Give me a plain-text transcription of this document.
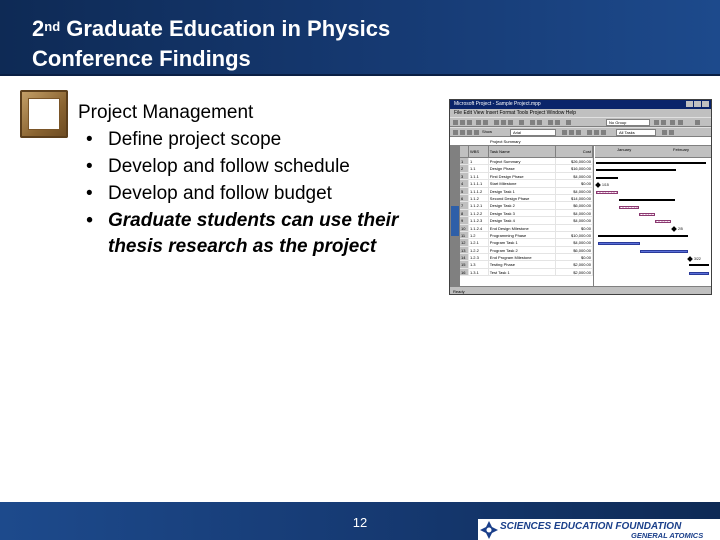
2nd Graduate Education in Physics
Conference Findings
Project Management
• Define project scope
• Develop and follow schedule
• Develop and follow budget
• Graduate students can use their thesis research as the project
Microsoft Project - Sample Project.mpp
File Edit View Insert Format Tools Project Window Help
No Group
Show	Arial	All Tasks
Project Summary
WBS	Task Name	Cost
1	1	Project Summary	$26,000.00
2	1.1	Design Phase	$16,000.00
3	1.1.1	First Design Phase	$4,000.00
4	1.1.1.1	Start Milestone	$0.00
5	1.1.1.2	Design Task 1	$4,000.00
6	1.1.2	Second Design Phase	$14,000.00
7	1.1.2.1	Design Task 2	$6,000.00
8	1.1.2.2	Design Task 3	$4,000.00
9	1.1.2.3	Design Task 4	$4,000.00
10	1.1.2.4	End Design Milestone	$0.00
11	1.2	Programming Phase	$10,000.00
12	1.2.1	Program Task 1	$4,000.00
13	1.2.2	Program Task 2	$6,000.00
14	1.2.3	End Program Milestone	$0.00
15	1.3	Testing Phase	$2,000.00
16	1.3.1	Test Task 1	$2,000.00
January	February
1/15
2/5
3/22
Ready
12	SCIENCES EDUCATION FOUNDATION
GENERAL ATOMICS
